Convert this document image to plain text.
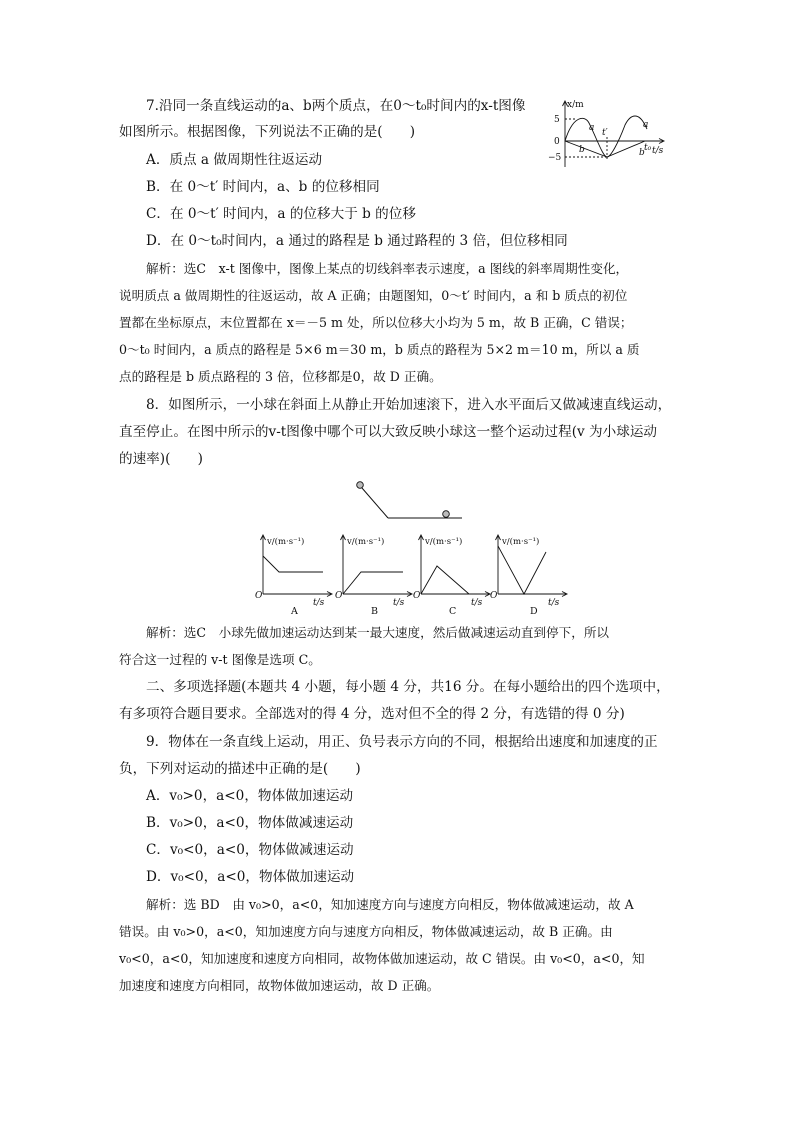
7.沿同一条直线运动的a、b两个质点，在0～t₀时间内的x-t图像
如图所示。根据图像，下列说法不正确的是(　　)
A．质点 a 做周期性往返运动
B．在 0～t′ 时间内，a、b 的位移相同
C．在 0～t′ 时间内，a 的位移大于 b 的位移
D．在 0～t₀时间内，a 通过的路程是 b 通过路程的 3 倍，但位移相同
x/m
t/s
5
0
−5
a	a
b	b
t′
t₀
解析：选C　x-t 图像中，图像上某点的切线斜率表示速度，a 图线的斜率周期性变化，
说明质点 a 做周期性的往返运动，故 A 正确；由题图知，0～t′ 时间内，a 和 b 质点的初位
置都在坐标原点，末位置都在 x＝－5 m 处，所以位移大小均为 5 m，故 B 正确，C 错误；
0～t₀ 时间内，a 质点的路程是 5×6 m＝30 m，b 质点的路程为 5×2 m＝10 m，所以 a 质
点的路程是 b 质点路程的 3 倍，位移都是0，故 D 正确。
8．如图所示，一小球在斜面上从静止开始加速滚下，进入水平面后又做减速直线运动，
直至停止。在图中所示的v-t图像中哪个可以大致反映小球这一整个运动过程(v 为小球运动
的速率)(　　)
v/(m·s⁻¹)
O
t/s
A
v/(m·s⁻¹)
O
t/s
B
v/(m·s⁻¹)
O
t/s
C
v/(m·s⁻¹)
O
t/s
D
解析：选C　小球先做加速运动达到某一最大速度，然后做减速运动直到停下，所以
符合这一过程的 v-t 图像是选项 C。
二、多项选择题(本题共 4 小题，每小题 4 分，共16 分。在每小题给出的四个选项中，
有多项符合题目要求。全部选对的得 4 分，选对但不全的得 2 分，有选错的得 0 分)
9．物体在一条直线上运动，用正、负号表示方向的不同，根据给出速度和加速度的正
负，下列对运动的描述中正确的是(　　)
A．v₀>0，a<0，物体做加速运动
B．v₀>0，a<0，物体做减速运动
C．v₀<0，a<0，物体做减速运动
D．v₀<0，a<0，物体做加速运动
解析：选 BD　由 v₀>0，a<0，知加速度方向与速度方向相反，物体做减速运动，故 A
错误。由 v₀>0，a<0，知加速度方向与速度方向相反，物体做减速运动，故 B 正确。由
v₀<0，a<0，知加速度和速度方向相同，故物体做加速运动，故 C 错误。由 v₀<0，a<0，知
加速度和速度方向相同，故物体做加速运动，故 D 正确。
